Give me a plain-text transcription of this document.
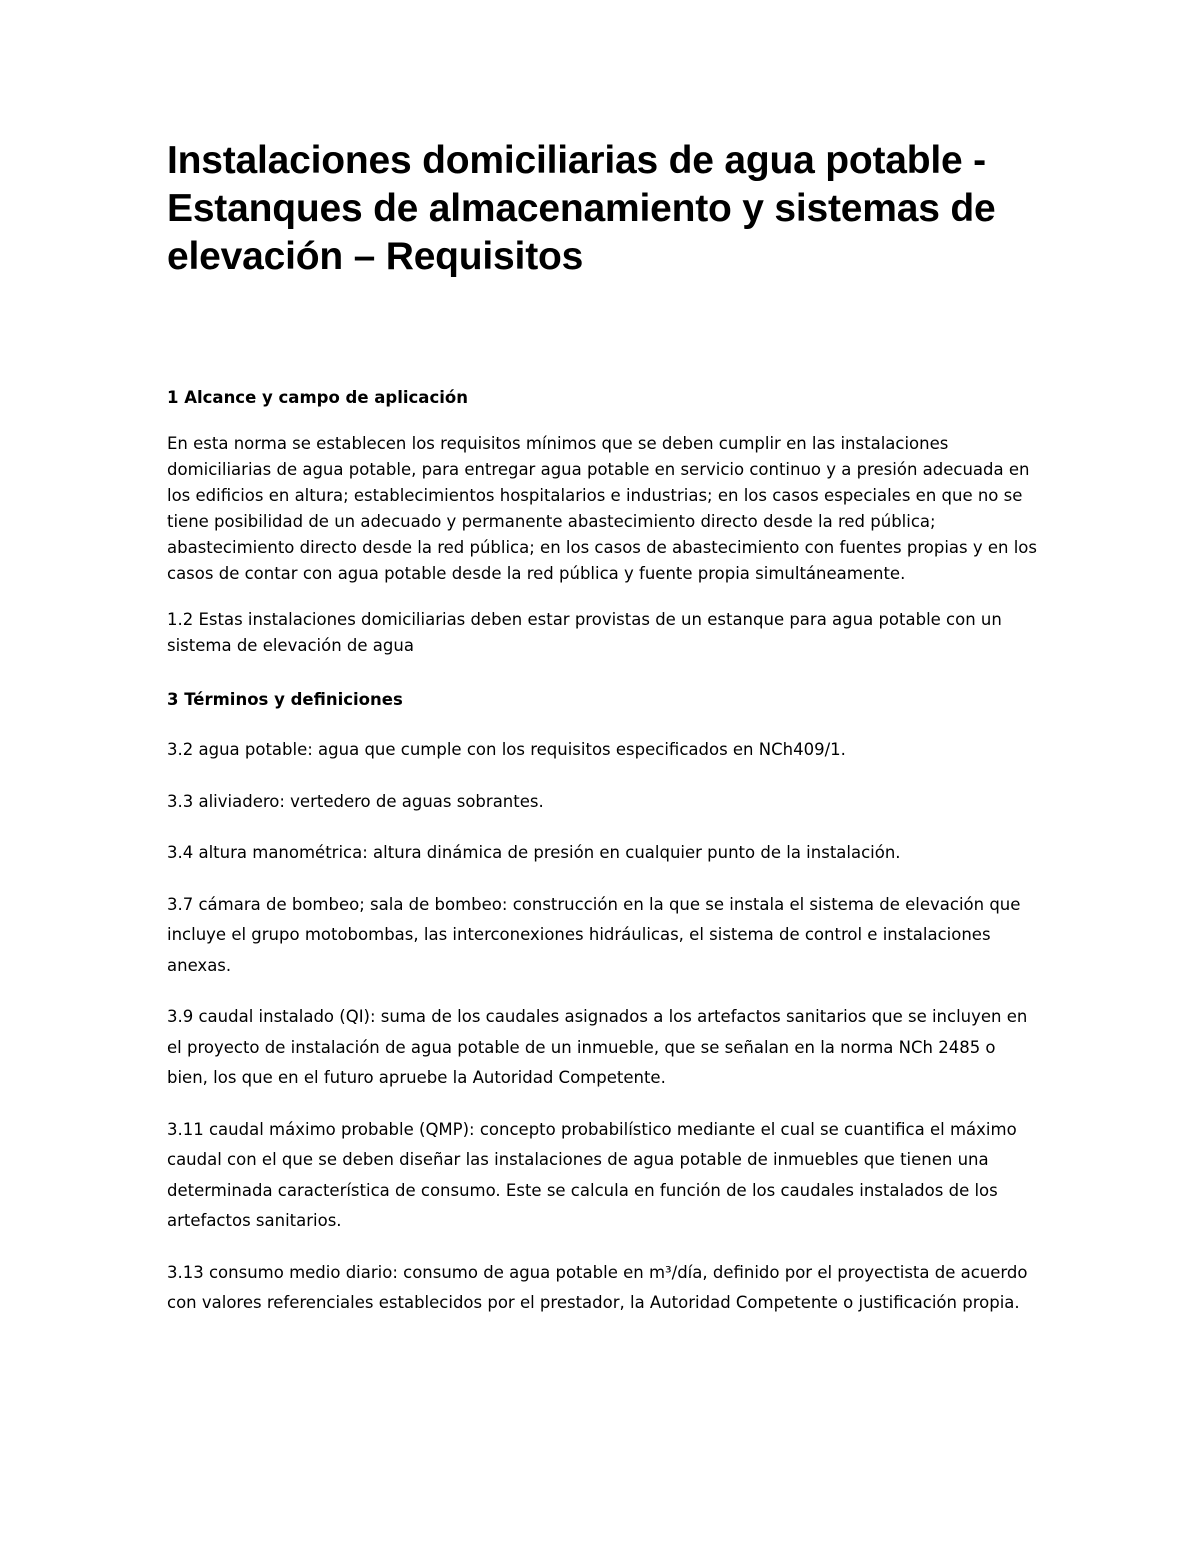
Instalaciones domiciliarias de agua potable - Estanques de almacenamiento y sistemas de elevación – Requisitos

1 Alcance y campo de aplicación

En esta norma se establecen los requisitos mínimos que se deben cumplir en las instalaciones domiciliarias de agua potable, para entregar agua potable en servicio continuo y a presión adecuada en los edificios en altura; establecimientos hospitalarios e industrias; en los casos especiales en que no se tiene posibilidad de un adecuado y permanente abastecimiento directo desde la red pública; abastecimiento directo desde la red pública; en los casos de abastecimiento con fuentes propias y en los casos de contar con agua potable desde la red pública y fuente propia simultáneamente.

1.2 Estas instalaciones domiciliarias deben estar provistas de un estanque para agua potable con un sistema de elevación de agua

3 Términos y definiciones

3.2 agua potable: agua que cumple con los requisitos especificados en NCh409/1.

3.3 aliviadero: vertedero de aguas sobrantes.

3.4 altura manométrica: altura dinámica de presión en cualquier punto de la instalación.

3.7 cámara de bombeo; sala de bombeo: construcción en la que se instala el sistema de elevación que incluye el grupo motobombas, las interconexiones hidráulicas, el sistema de control e instalaciones anexas.

3.9 caudal instalado (QI): suma de los caudales asignados a los artefactos sanitarios que se incluyen en el proyecto de instalación de agua potable de un inmueble, que se señalan en la norma NCh 2485 o bien, los que en el futuro apruebe la Autoridad Competente.

3.11 caudal máximo probable (QMP): concepto probabilístico mediante el cual se cuantifica el máximo caudal con el que se deben diseñar las instalaciones de agua potable de inmuebles que tienen una determinada característica de consumo. Este se calcula en función de los caudales instalados de los artefactos sanitarios.

3.13 consumo medio diario: consumo de agua potable en m³/día, definido por el proyectista de acuerdo con valores referenciales establecidos por el prestador, la Autoridad Competente o justificación propia.
